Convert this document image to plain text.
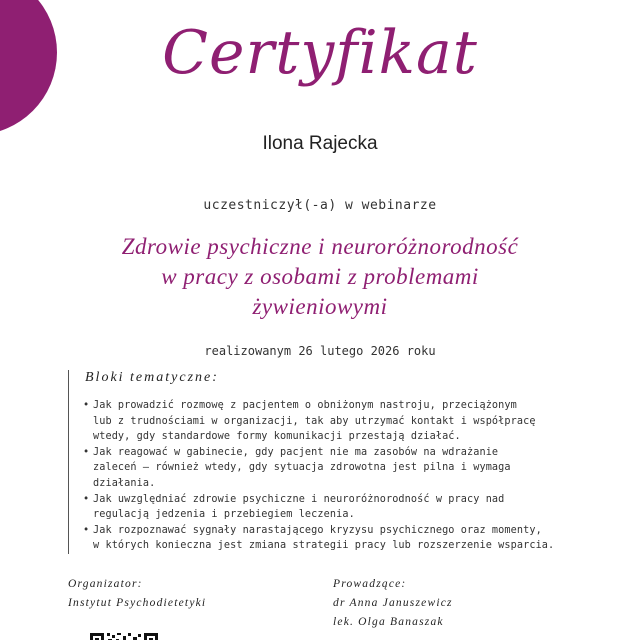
Certyfikat
Ilona Rajecka
uczestniczył(-a) w webinarze
Zdrowie psychiczne i neuroróżnorodność
w pracy z osobami z problemami
żywieniowymi
realizowanym 26 lutego 2026 roku
Bloki tematyczne:
• Jak prowadzić rozmowę z pacjentem o obniżonym nastroju, przeciążonym
lub z trudnościami w organizacji, tak aby utrzymać kontakt i współpracę
wtedy, gdy standardowe formy komunikacji przestają działać.
• Jak reagować w gabinecie, gdy pacjent nie ma zasobów na wdrażanie
zaleceń – również wtedy, gdy sytuacja zdrowotna jest pilna i wymaga
działania.
• Jak uwzględniać zdrowie psychiczne i neuroróżnorodność w pracy nad
regulacją jedzenia i przebiegiem leczenia.
• Jak rozpoznawać sygnały narastającego kryzysu psychicznego oraz momenty,
w których konieczna jest zmiana strategii pracy lub rozszerzenie wsparcia.
Organizator:
Instytut Psychodietetyki
Prowadzące:
dr Anna Januszewicz
lek. Olga Banaszak
